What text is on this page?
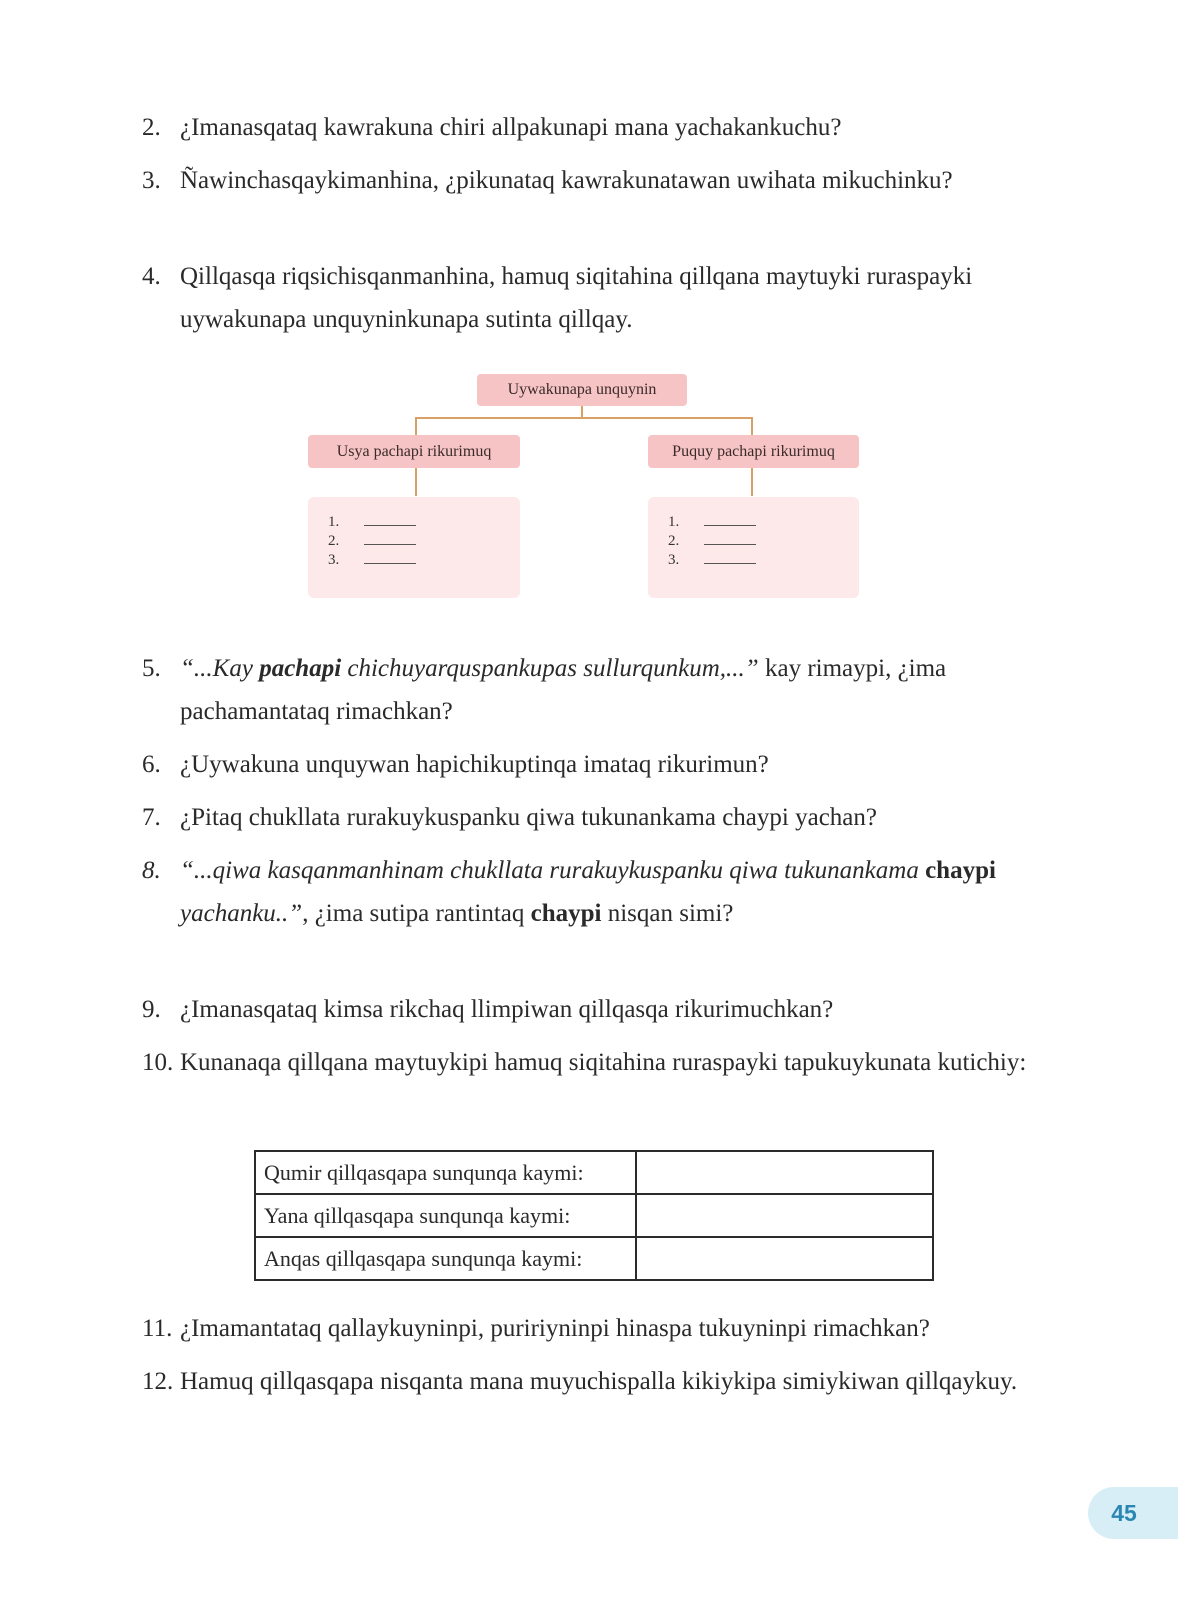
2. ¿Imanasqataq kawrakuna chiri allpakunapi mana yachakankuchu?
3. Ñawinchasqaykimanhina, ¿pikunataq kawrakunatawan uwihata mikuchinku?
4. Qillqasqa riqsichisqanmanhina, hamuq siqitahina qillqana maytuyki ruraspayki uywakunapa unquyninkunapa sutinta qillqay.
Uywakunapa unquynin
Usya pachapi rikurimuq	Puquy pachapi rikurimuq
1.
2.
3.
1.
2.
3.
5. “...Kay pachapi chichuyarquspankupas sullurqunkum,...” kay rimaypi, ¿ima pachamantataq rimachkan?
6. ¿Uywakuna unquywan hapichikuptinqa imataq rikurimun?
7. ¿Pitaq chukllata rurakuykuspanku qiwa tukunankama chaypi yachan?
8. “...qiwa kasqanmanhinam chukllata rurakuykuspanku qiwa tukunankama chaypi yachanku..”, ¿ima sutipa rantintaq chaypi nisqan simi?
9. ¿Imanasqataq kimsa rikchaq llimpiwan qillqasqa rikurimuchkan?
10. Kunanaqa qillqana maytuykipi hamuq siqitahina ruraspayki tapukuykunata kutichiy:
Qumir qillqasqapa sunqunqa kaymi:	
Yana qillqasqapa sunqunqa kaymi:	
Anqas qillqasqapa sunqunqa kaymi:	
11. ¿Imamantataq qallaykuyninpi, puririyninpi hinaspa tukuyninpi rimachkan?
12. Hamuq qillqasqapa nisqanta mana muyuchispalla kikiykipa simiykiwan qillqaykuy.
45
